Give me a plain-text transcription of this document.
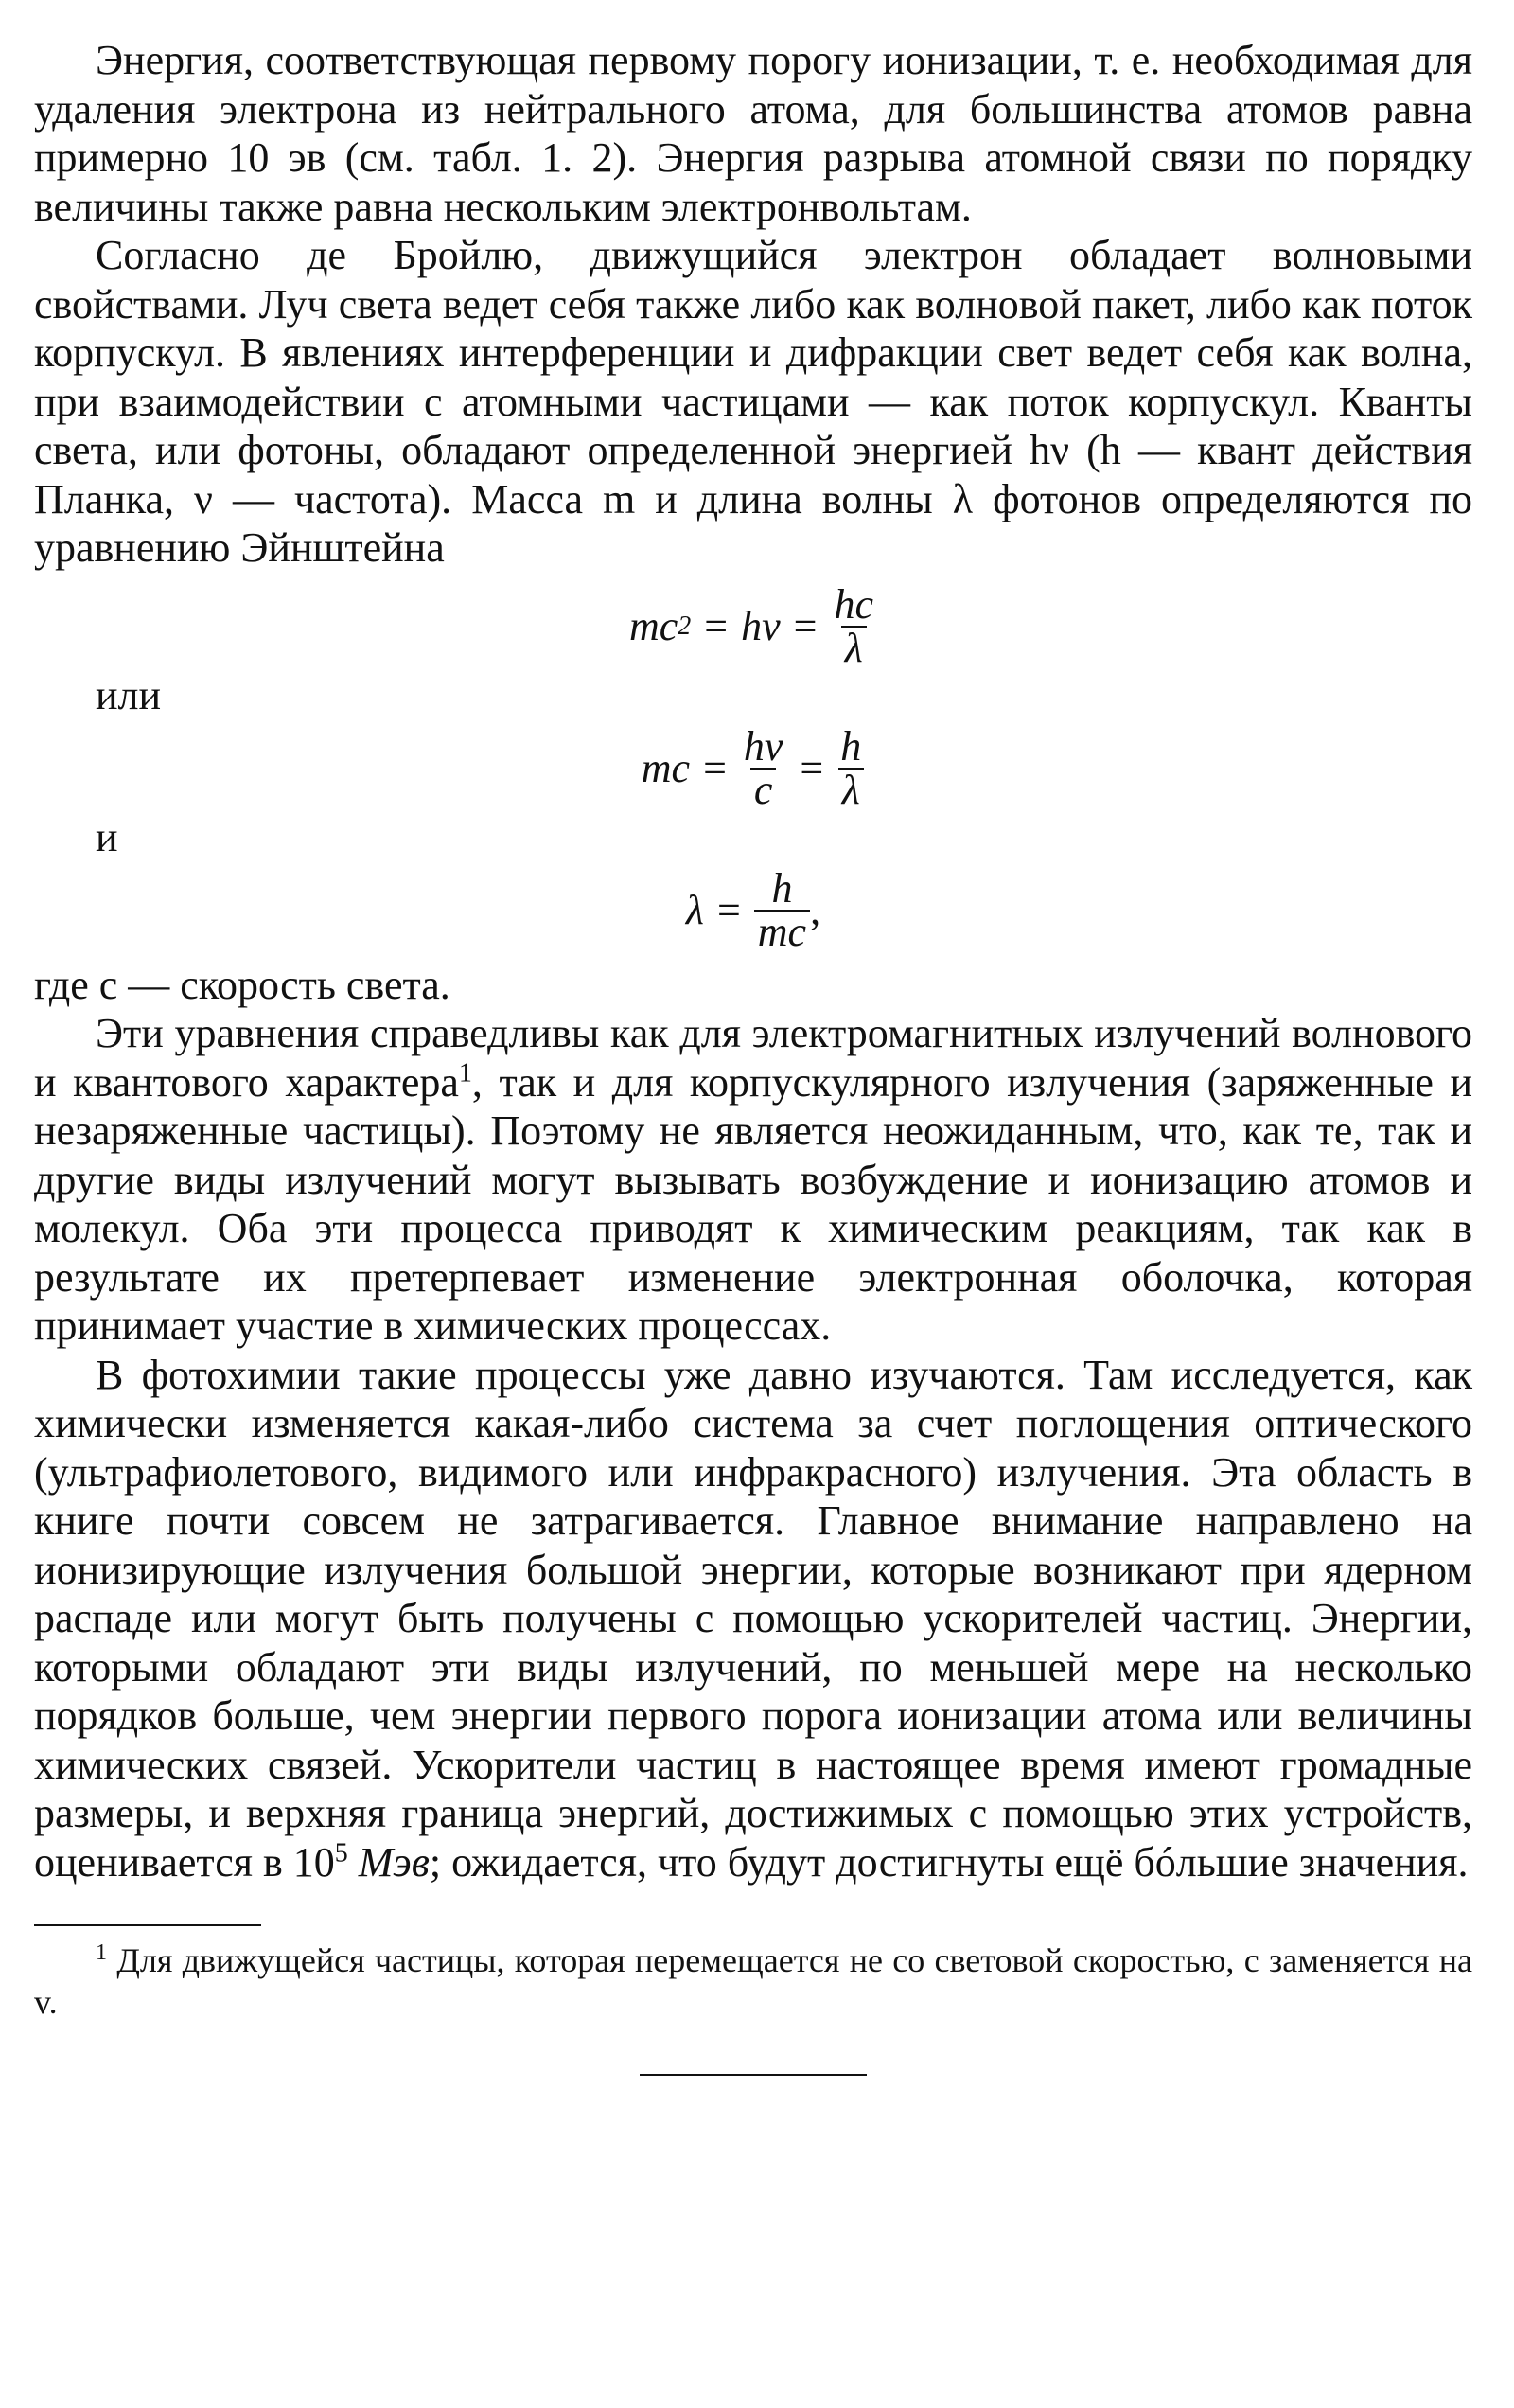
Энергия, соответствующая первому порогу ионизации, т. е. необходимая для удаления электрона из нейтрального атома, для большинства атомов равна примерно 10 эв (см. табл. 1. 2). Энергия разрыва атомной связи по порядку величины также равна нескольким электронвольтам.

Согласно де Бройлю, движущийся электрон обладает волновыми свойствами. Луч света ведет себя также либо как волновой пакет, либо как поток корпускул. В явлениях интерференции и дифракции свет ведет себя как волна, при взаимодействии с атомными частицами — как поток корпускул. Кванты света, или фотоны, обладают определенной энергией hν (h — квант действия Планка, ν — частота). Масса m и длина волны λ фотонов определяются по уравнению Эйнштейна

mc $2 = h\nu = \frac{hc}{\lambda}$

или

mc = $\frac{h\nu}{c} = \frac{h}{\lambda}$

и

$\lambda = \frac{h}{mc}$ ,

где c — скорость света.

Эти уравнения справедливы как для электромагнитных излучений волнового и квантового характера$^1$, так и для корпускулярного излучения (заряженные и незаряженные частицы). Поэтому не является неожиданным, что, как те, так и другие виды излучений могут вызывать возбуждение и ионизацию атомов и молекул. Оба эти процесса приводят к химическим реакциям, так как в результате их претерпевает изменение электронная оболочка, которая принимает участие в химических процессах.

В фотохимии такие процессы уже давно изучаются. Там исследуется, как химически изменяется какая-либо система за счет поглощения оптического (ультрафиолетового, видимого или инфракрасного) излучения. Эта область в книге почти совсем не затрагивается. Главное внимание направлено на ионизирующие излучения большой энергии, которые возникают при ядерном распаде или могут быть получены с помощью ускорителей частиц. Энергии, которыми обладают эти виды излучений, по меньшей мере на несколько порядков больше, чем энергии первого порога ионизации атома или величины химических связей. Ускорители частиц в настоящее время имеют громадные размеры, и верхняя граница энергий, достижимых с помощью этих устройств, оценивается в $10^5$ Мэв; ожидается, что будут достигнуты ещё бóльшие значения.

$^1$ Для движущейся частицы, которая перемещается не со световой скоростью, c заменяется на v.
